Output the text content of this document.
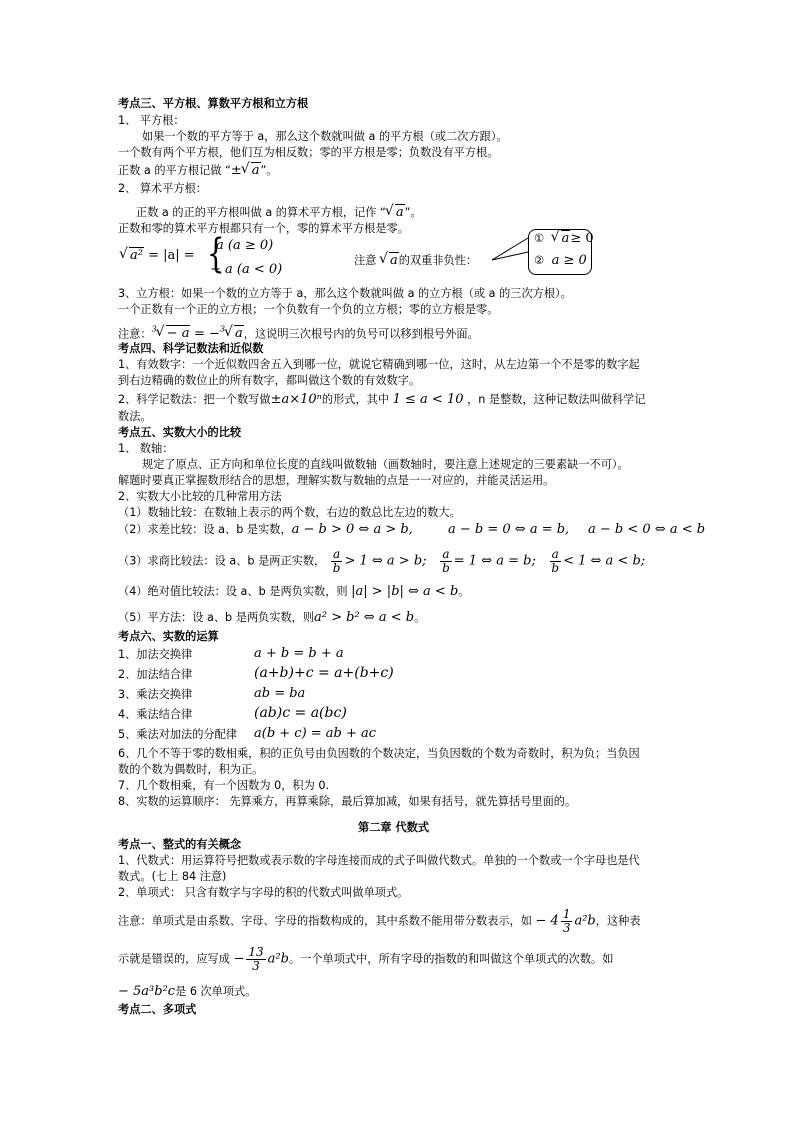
考点三、平方根、算数平方根和立方根
1、 平方根：
如果一个数的平方等于 a，那么这个数就叫做 a 的平方根（或二次方跟）。
一个数有两个平方根，他们互为相反数；零的平方根是零；负数没有平方根。
正数 a 的平方根记做 “± √ a”。
2、 算术平方根：
正数 a 的正的平方根叫做 a 的算术平方根，记作 “ √ a”。
正数和零的算术平方根都只有一个，零的算术平方根是零。
√ a² = |a| = {
a (a ≥ 0)
− a (a < 0)
注意 √ a的双重非负性：
① √ a≥ 0
② a ≥ 0
3、立方根：如果一个数的立方等于 a，那么这个数就叫做 a 的立方根（或 a 的三次方根）。
一个正数有一个正的立方根；一个负数有一个负的立方根；零的立方根是零。
注意：$^3$ √ − a = −$^3$ √ a，这说明三次根号内的负号可以移到根号外面。
考点四、科学记数法和近似数
1、有效数字：一个近似数四舍五入到哪一位，就说它精确到哪一位，这时，从左边第一个不是零的数字起
到右边精确的数位止的所有数字，都叫做这个数的有效数字。
2、科学记数法：把一个数写做±a×10ⁿ的形式，其中 1 ≤ a < 10 ，n 是整数，这种记数法叫做科学记
数法。
考点五、实数大小的比较
1、 数轴：
规定了原点、正方向和单位长度的直线叫做数轴（画数轴时，要注意上述规定的三要素缺一不可）。
解题时要真正掌握数形结合的思想，理解实数与数轴的点是一一对应的，并能灵活运用。
2、实数大小比较的几种常用方法
（1）数轴比较：在数轴上表示的两个数，右边的数总比左边的数大。
（2）求差比较：设 a、b 是实数，a − b > 0 ⇔ a > b,	a − b = 0 ⇔ a = b, a − b < 0 ⇔ a < b
（3）求商比较法：设 a、b 是两正实数， $\frac{a}{b} > 1$ ⇔ a > b; $\frac{a}{b} = 1$ ⇔ a = b; $\frac{a}{b} < 1$ ⇔ a < b;
（4）绝对值比较法：设 a、b 是两负实数，则 |a| > |b| ⇔ a < b。
（5）平方法：设 a、b 是两负实数，则a² > b² ⇔ a < b。
考点六、实数的运算
1、加法交换律	a + b = b + a
2、加法结合律	(a+b)+c = a+(b+c)
3、乘法交换律	ab = ba
4、乘法结合律	(ab)c = a(bc)
5、乘法对加法的分配律 a(b + c) = ab + ac
6、几个不等于零的数相乘，积的正负号由负因数的个数决定，当负因数的个数为奇数时，积为负；当负因
数的个数为偶数时，积为正。
7、几个数相乘，有一个因数为 0，积为 0.
8、实数的运算顺序： 先算乘方，再算乘除，最后算加减，如果有括号，就先算括号里面的。
第二章 代数式
考点一、整式的有关概念
1、代数式：用运算符号把数或表示数的字母连接而成的式子叫做代数式。单独的一个数或一个字母也是代
数式。(七上 84 注意)
2、单项式： 只含有数字与字母的积的代数式叫做单项式。
注意：单项式是由系数、字母、字母的指数构成的，其中系数不能用带分数表示，如 − $4 \frac{1}{3} a^2b$，这种表
示就是错误的，应写成 − $\frac{13}{3} a^2b$。一个单项式中，所有字母的指数的和叫做这个单项式的次数。如
− 5a³b²c是 6 次单项式。
考点二、多项式
